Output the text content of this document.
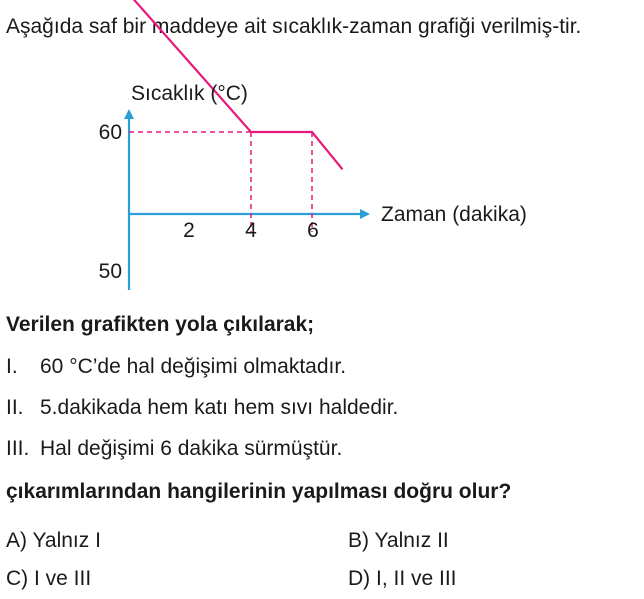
Aşağıda saf bir maddeye ait sıcaklık-zaman grafiği verilmiş-tir.
Sıcaklık (°C)
60
50
2 4 6
Zaman (dakika)
Verilen grafikten yola çıkılarak;
I. 60 °C’de hal değişimi olmaktadır.
II. 5.dakikada hem katı hem sıvı haldedir.
III. Hal değişimi 6 dakika sürmüştür.
çıkarımlarından hangilerinin yapılması doğru olur?
A) Yalnız I	B) Yalnız II
C) I ve III	D) I, II ve III
